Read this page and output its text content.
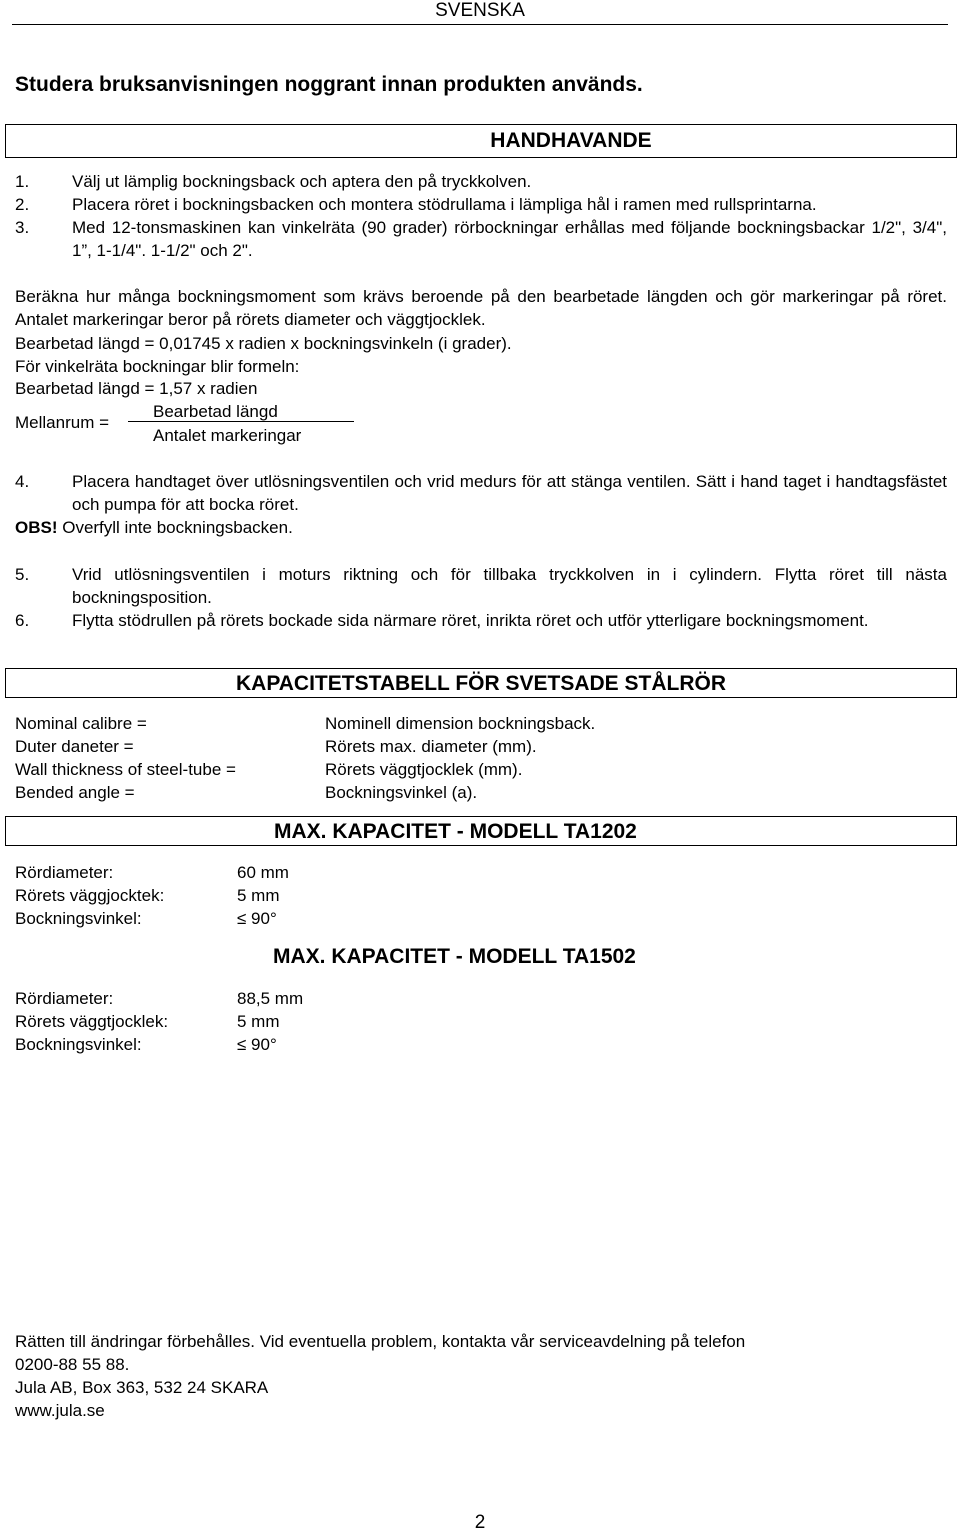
SVENSKA
Studera bruksanvisningen noggrant innan produkten används.
HANDHAVANDE
1.	Välj ut lämplig bockningsback och aptera den på tryckkolven.
2.	Placera röret i bockningsbacken och montera stödrullama i lämpliga hål i ramen med rullsprintarna.
3.	Med 12-tonsmaskinen kan vinkelräta (90 grader) rörbockningar erhållas med följande bockningsbackar 1/2", 3/4", 1”, 1-1/4". 1-1/2" och 2".
Beräkna hur många bockningsmoment som krävs beroende på den bearbetade längden och gör markeringar på röret. Antalet markeringar beror på rörets diameter och väggtjocklek.
Bearbetad längd = 0,01745 x radien x bockningsvinkeln (i grader).
För vinkelräta bockningar blir formeln:
Bearbetad längd = 1,57 x radien
Mellanrum =
Bearbetad längd
Antalet markeringar
4.	Placera handtaget över utlösningsventilen och vrid medurs för att stänga ventilen. Sätt i hand taget i handtagsfästet och pumpa för att bocka röret.
OBS! Overfyll inte bockningsbacken.
5.	Vrid utlösningsventilen i moturs riktning och för tillbaka tryckkolven in i cylindern. Flytta röret till nästa bockningsposition.
6.	Flytta stödrullen på rörets bockade sida närmare röret, inrikta röret och utför ytterligare bockningsmoment.
KAPACITETSTABELL FÖR SVETSADE STÅLRÖR
Nominal calibre =	Nominell dimension bockningsback.
Duter daneter =	Rörets max. diameter (mm).
Wall thickness of steel-tube =	Rörets väggtjocklek (mm).
Bended angle =	Bockningsvinkel (a).
MAX. KAPACITET - MODELL TA1202
Rördiameter:	60 mm
Rörets väggjocktek:	5 mm
Bockningsvinkel:	≤ 90°
MAX. KAPACITET - MODELL TA1502
Rördiameter:	88,5 mm
Rörets väggtjocklek:	5 mm
Bockningsvinkel:	≤ 90°
Rätten till ändringar förbehålles. Vid eventuella problem, kontakta vår serviceavdelning på telefon
0200-88 55 88.
Jula AB, Box 363, 532 24 SKARA
www.jula.se
2
